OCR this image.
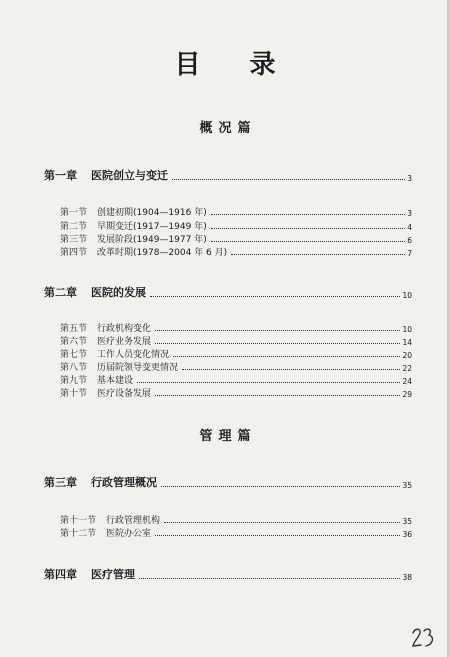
目 录
概况篇
第一章 医院创立与变迁	3
第一节 创建初期(1904—1916 年)	3
第二节 早期变迁(1917—1949 年)	4
第三节 发展阶段(1949—1977 年)	6
第四节 改革时期(1978—2004 年 6 月)	7
第二章 医院的发展	10
第五节 行政机构变化	10
第六节 医疗业务发展	14
第七节 工作人员变化情况	20
第八节 历届院领导变更情况	22
第九节 基本建设	24
第十节 医疗设备发展	29
管理篇
第三章 行政管理概况	35
第十一节 行政管理机构	35
第十二节 医院办公室	36
第四章 医疗管理	38
